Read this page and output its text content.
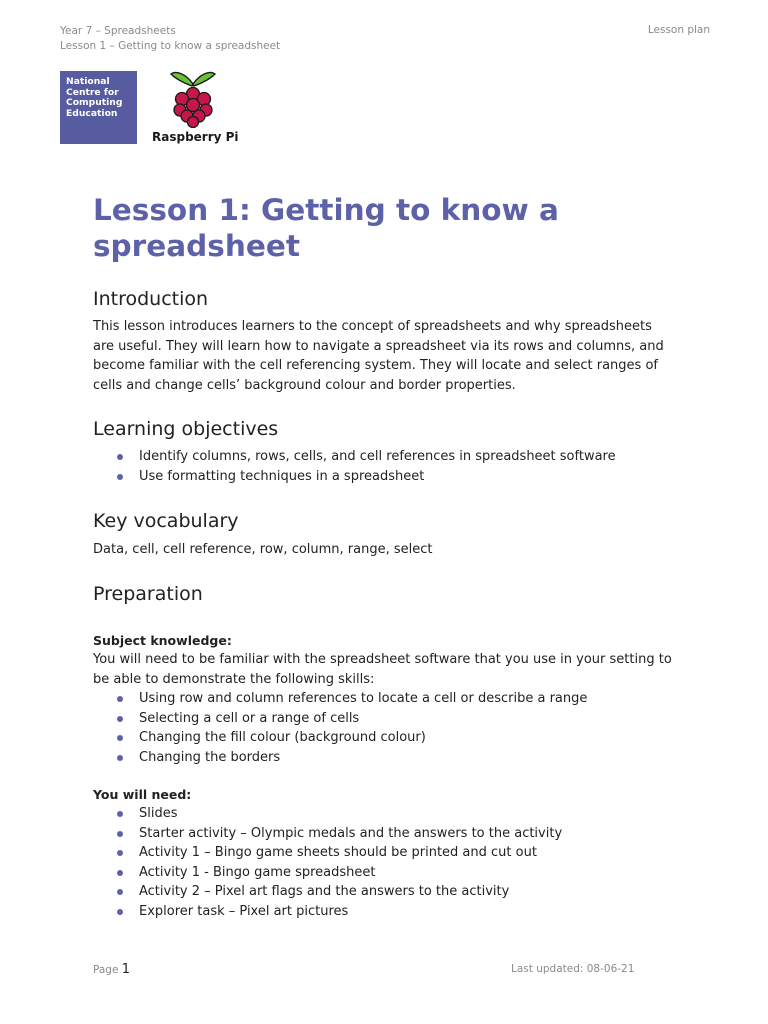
Year 7 – Spreadsheets
Lesson 1 – Getting to know a spreadsheet
Lesson plan
National
Centre for
Computing
Education
Raspberry Pi
Lesson 1: Getting to know a spreadsheet
Introduction
This lesson introduces learners to the concept of spreadsheets and why spreadsheets
are useful. They will learn how to navigate a spreadsheet via its rows and columns, and
become familiar with the cell referencing system. They will locate and select ranges of
cells and change cells’ background colour and border properties.
Learning objectives
Identify columns, rows, cells, and cell references in spreadsheet software
Use formatting techniques in a spreadsheet
Key vocabulary
Data, cell, cell reference, row, column, range, select
Preparation
Subject knowledge:
You will need to be familiar with the spreadsheet software that you use in your setting to
be able to demonstrate the following skills:
Using row and column references to locate a cell or describe a range
Selecting a cell or a range of cells
Changing the fill colour (background colour)
Changing the borders
You will need:
Slides
Starter activity – Olympic medals and the answers to the activity
Activity 1 – Bingo game sheets should be printed and cut out
Activity 1 - Bingo game spreadsheet
Activity 2 – Pixel art flags and the answers to the activity
Explorer task – Pixel art pictures
Page 1	Last updated: 08-06-21
